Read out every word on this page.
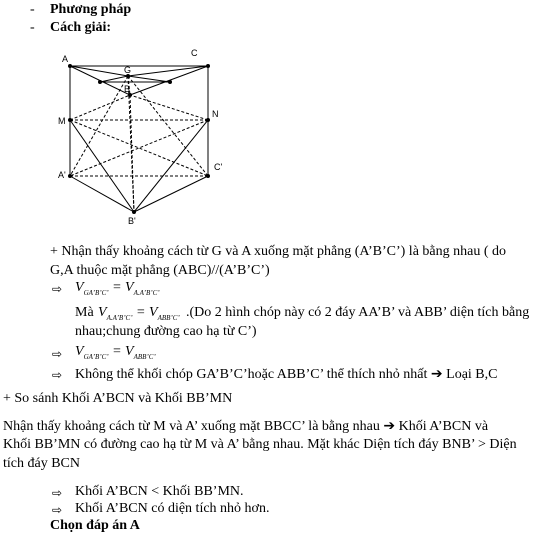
- Phương pháp
- Cách giải:
A
G
C
B
M
N
A'
C'
B'
+ Nhận thấy khoảng cách từ G và A xuống mặt phẳng (A’B’C’) là bằng nhau ( do
G,A thuộc mặt phẳng (ABC)//(A’B’C’)
⇨ $V_{GA’B’C’} = V_{A.A’B’C’}$
Mà $V_{A.A’B’C’} = V_{ABB’C’}$ .(Do 2 hình chóp này có 2 đáy AA’B’ và ABB’ diện tích bằng
nhau;chung đường cao hạ từ C’)
⇨ $V_{GA’B’C’} = V_{ABB’C’}$
⇨ Không thể khối chóp GA’B’C’hoặc ABB’C’ thể thích nhỏ nhất ➔ Loại B,C
+ So sánh Khối A’BCN và Khối BB’MN
Nhận thấy khoảng cách từ M và A’ xuống mặt BBCC’ là bằng nhau ➔ Khối A’BCN và
Khối BB’MN có đường cao hạ từ M và A’ bằng nhau. Mặt khác Diện tích đáy BNB’ > Diện
tích đáy BCN
⇨ Khối A’BCN < Khối BB’MN.
⇨ Khối A’BCN có diện tích nhỏ hơn.
Chọn đáp án A
